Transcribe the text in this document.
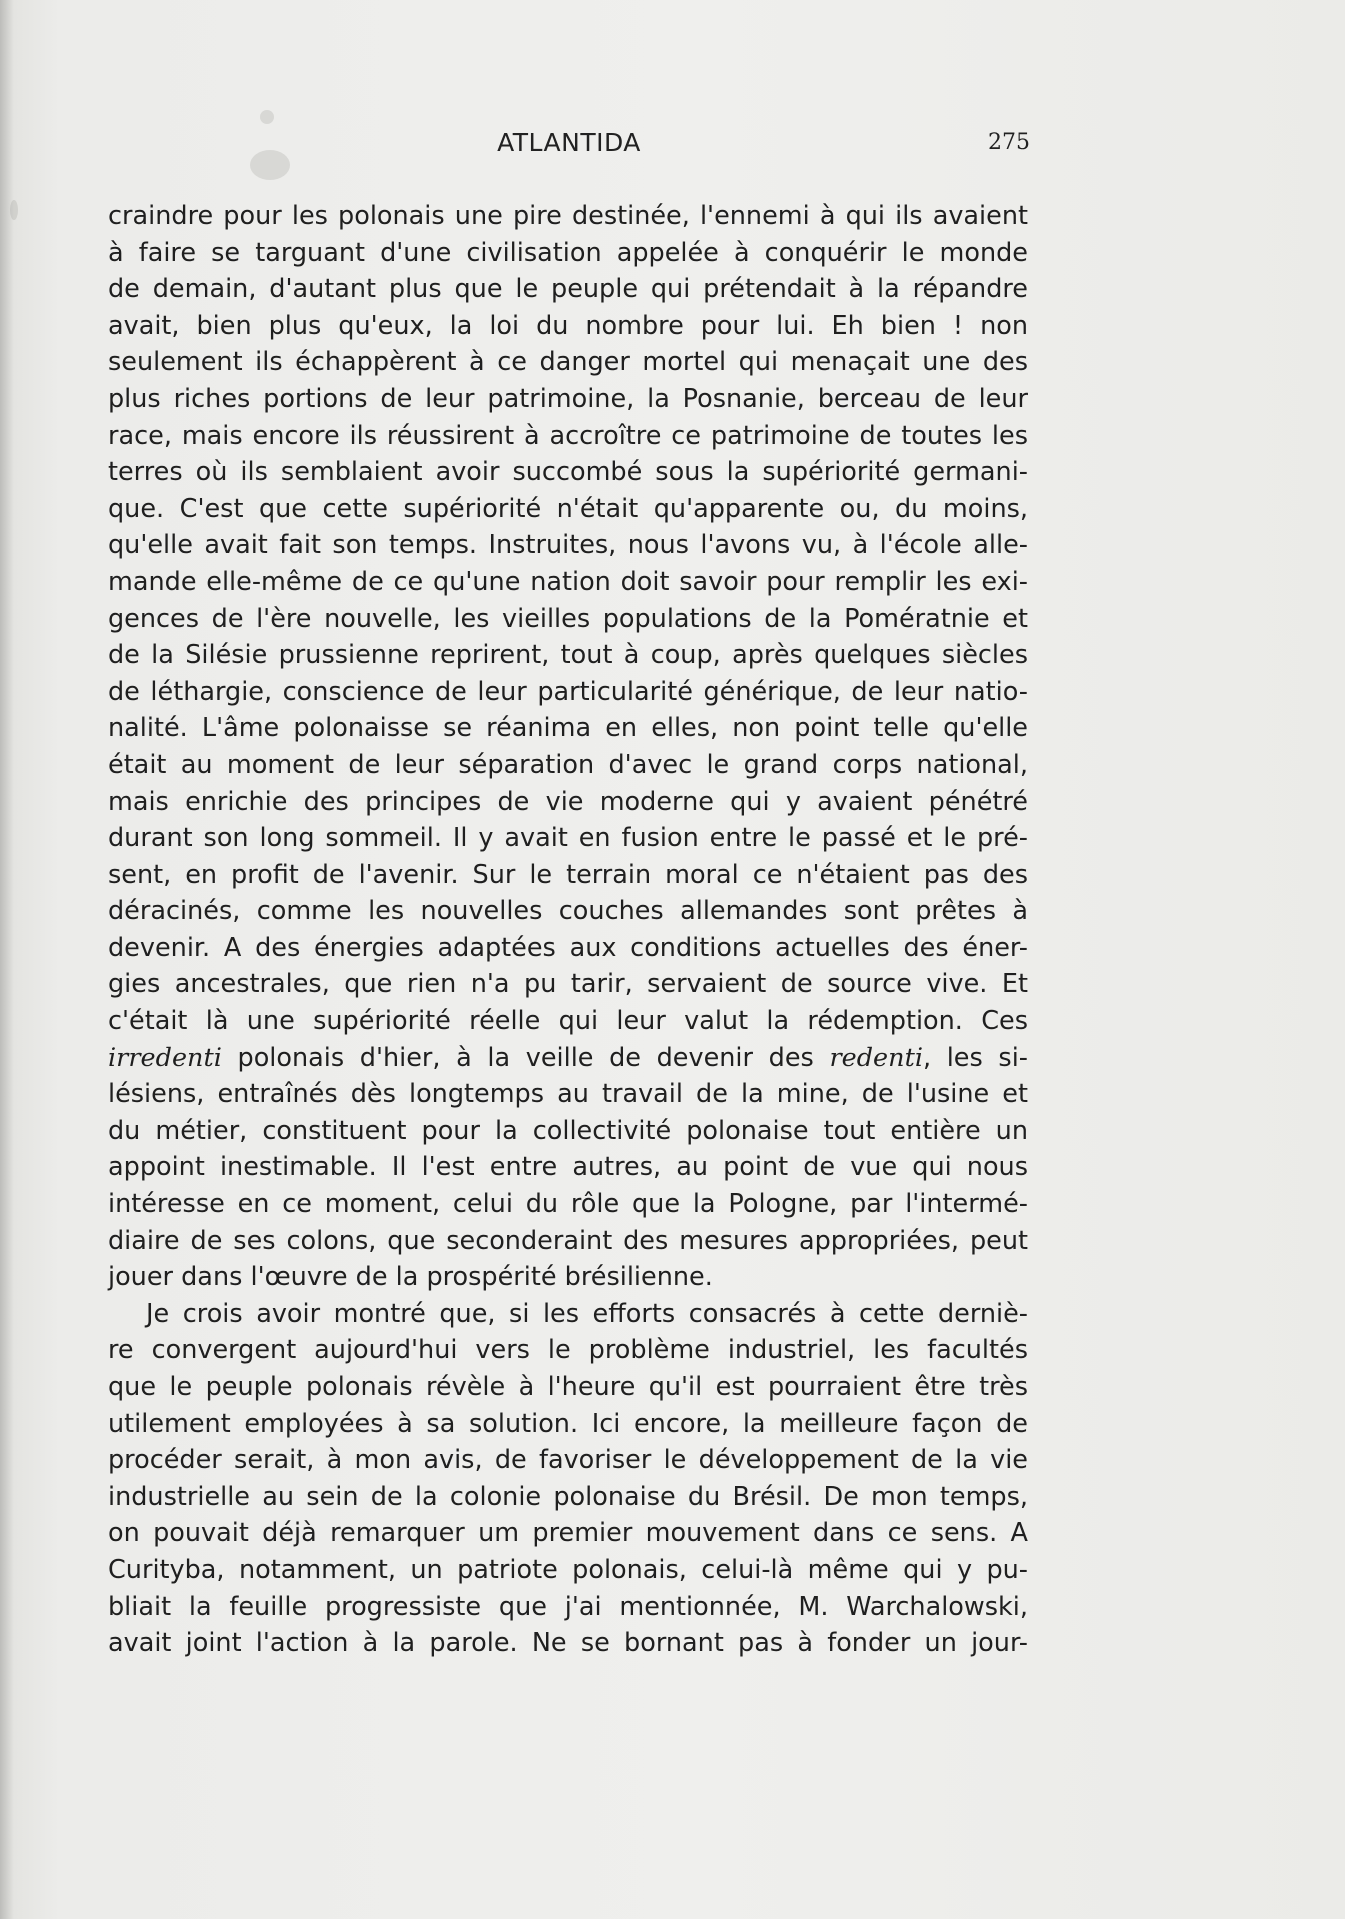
ATLANTIDA	275
craindre pour les polonais une pire destinée, l'ennemi à qui ils avaient
à faire se targuant d'une civilisation appelée à conquérir le monde
de demain, d'autant plus que le peuple qui prétendait à la répandre
avait, bien plus qu'eux, la loi du nombre pour lui. Eh bien ! non
seulement ils échappèrent à ce danger mortel qui menaçait une des
plus riches portions de leur patrimoine, la Posnanie, berceau de leur
race, mais encore ils réussirent à accroître ce patrimoine de toutes les
terres où ils semblaient avoir succombé sous la supériorité germani-
que. C'est que cette supériorité n'était qu'apparente ou, du moins,
qu'elle avait fait son temps. Instruites, nous l'avons vu, à l'école alle-
mande elle-même de ce qu'une nation doit savoir pour remplir les exi-
gences de l'ère nouvelle, les vieilles populations de la Pomératnie et
de la Silésie prussienne reprirent, tout à coup, après quelques siècles
de léthargie, conscience de leur particularité générique, de leur natio-
nalité. L'âme polonaisse se réanima en elles, non point telle qu'elle
était au moment de leur séparation d'avec le grand corps national,
mais enrichie des principes de vie moderne qui y avaient pénétré
durant son long sommeil. Il y avait en fusion entre le passé et le pré-
sent, en profit de l'avenir. Sur le terrain moral ce n'étaient pas des
déracinés, comme les nouvelles couches allemandes sont prêtes à
devenir. A des énergies adaptées aux conditions actuelles des éner-
gies ancestrales, que rien n'a pu tarir, servaient de source vive. Et
c'était là une supériorité réelle qui leur valut la rédemption. Ces
irredenti polonais d'hier, à la veille de devenir des redenti, les si-
lésiens, entraînés dès longtemps au travail de la mine, de l'usine et
du métier, constituent pour la collectivité polonaise tout entière un
appoint inestimable. Il l'est entre autres, au point de vue qui nous
intéresse en ce moment, celui du rôle que la Pologne, par l'intermé-
diaire de ses colons, que seconderaint des mesures appropriées, peut
jouer dans l'œuvre de la prospérité brésilienne.
Je crois avoir montré que, si les efforts consacrés à cette derniè-
re convergent aujourd'hui vers le problème industriel, les facultés
que le peuple polonais révèle à l'heure qu'il est pourraient être très
utilement employées à sa solution. Ici encore, la meilleure façon de
procéder serait, à mon avis, de favoriser le développement de la vie
industrielle au sein de la colonie polonaise du Brésil. De mon temps,
on pouvait déjà remarquer um premier mouvement dans ce sens. A
Curityba, notamment, un patriote polonais, celui-là même qui y pu-
bliait la feuille progressiste que j'ai mentionnée, M. Warchalowski,
avait joint l'action à la parole. Ne se bornant pas à fonder un jour-
